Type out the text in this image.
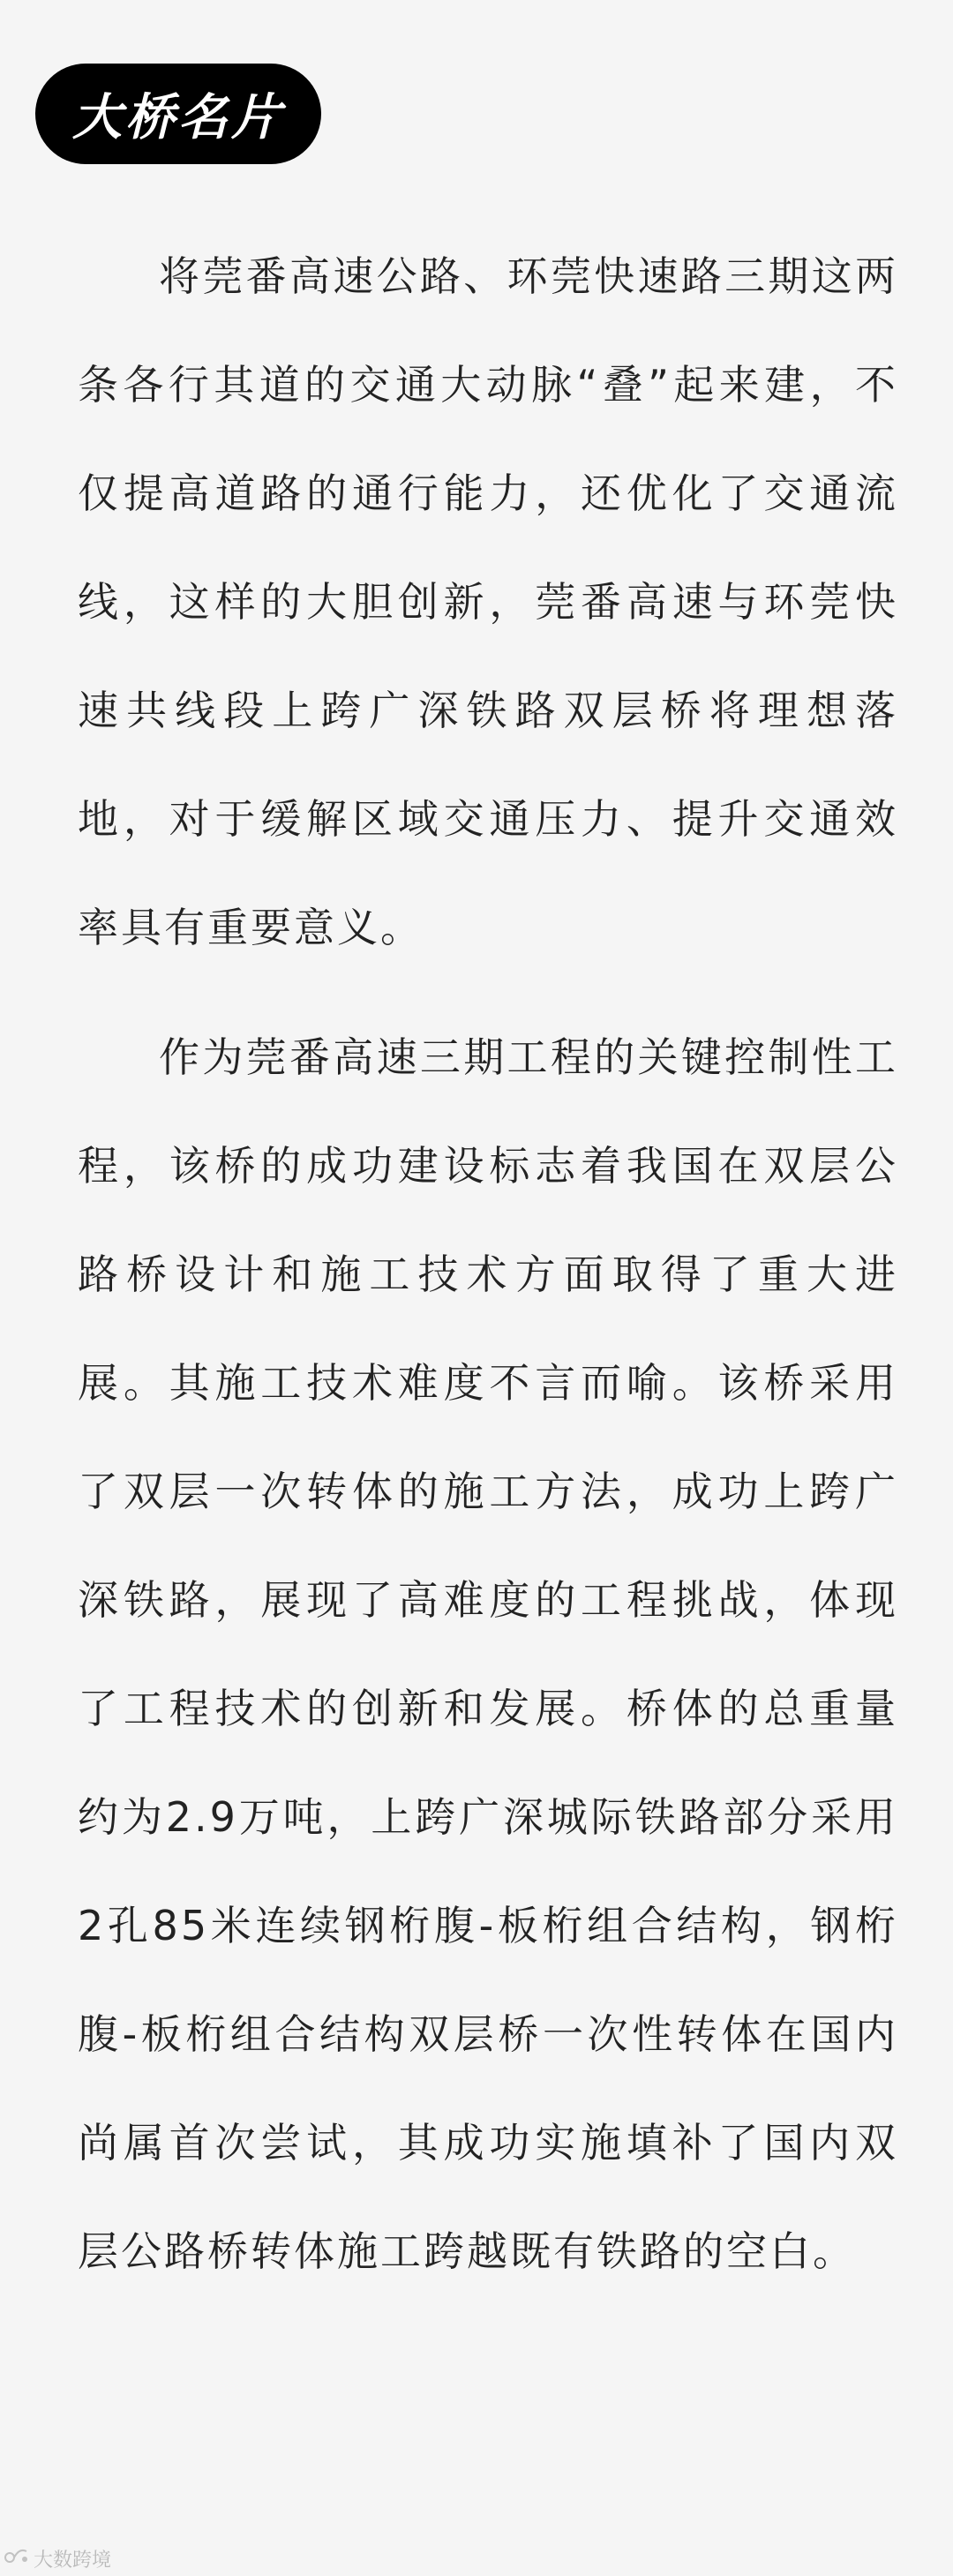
大桥名片

将莞番高速公路、环莞快速路三期这两条各行其道的交通大动脉“叠”起来建，不仅提高道路的通行能力，还优化了交通流线，这样的大胆创新，莞番高速与环莞快速共线段上跨广深铁路双层桥将理想落地，对于缓解区域交通压力、提升交通效率具有重要意义。

作为莞番高速三期工程的关键控制性工程，该桥的成功建设标志着我国在双层公路桥设计和施工技术方面取得了重大进展。其施工技术难度不言而喻。该桥采用了双层一次转体的施工方法，成功上跨广深铁路，展现了高难度的工程挑战，体现了工程技术的创新和发展。桥体的总重量约为2.9万吨，上跨广深城际铁路部分采用2孔85米连续钢桁腹-板桁组合结构，钢桁腹-板桁组合结构双层桥一次性转体在国内尚属首次尝试，其成功实施填补了国内双层公路桥转体施工跨越既有铁路的空白。

大数跨境
